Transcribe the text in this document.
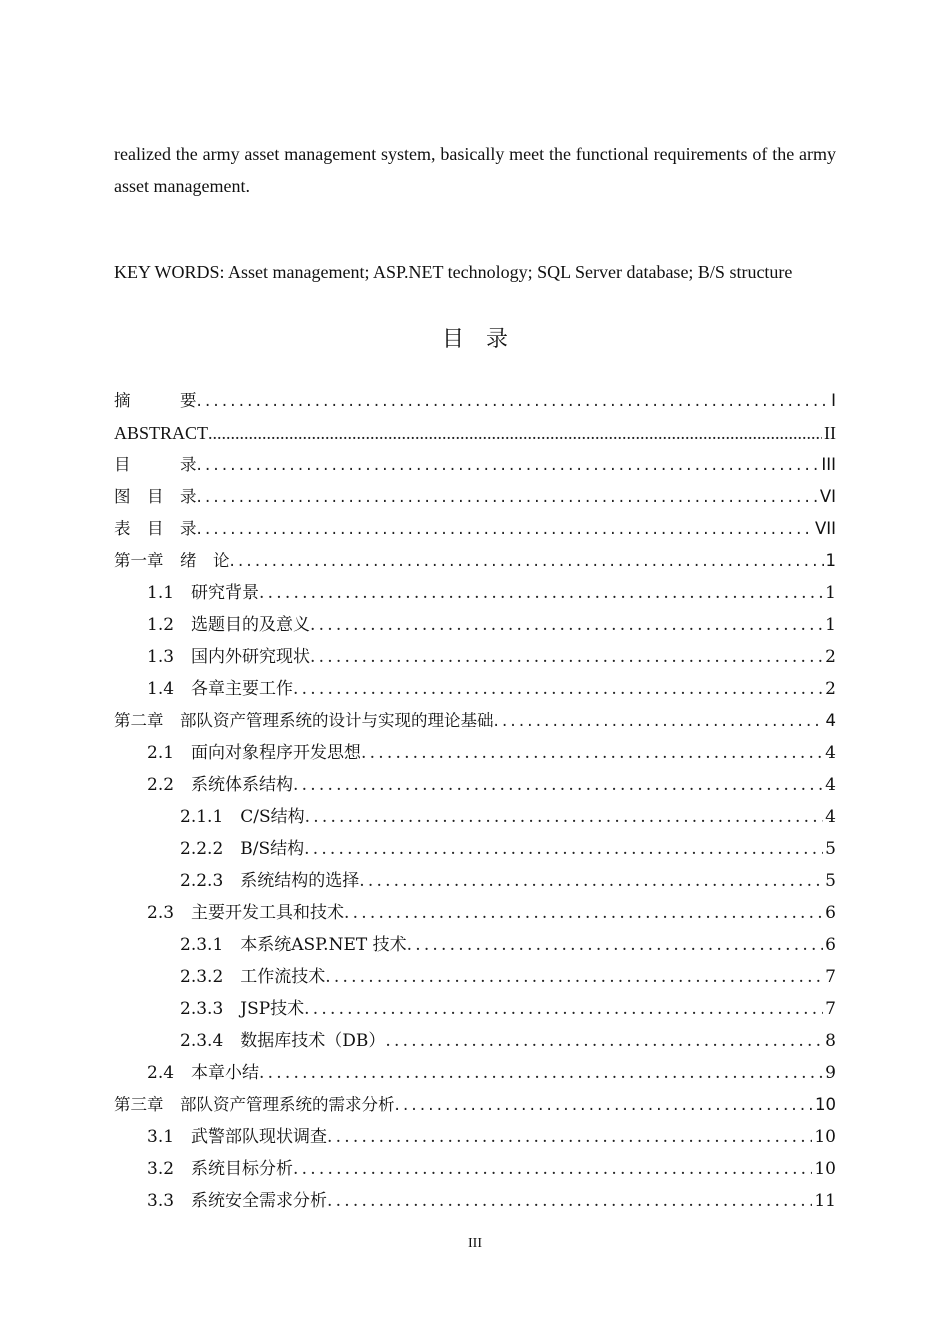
realized the army asset management system, basically meet the functional requirements of the army asset management.
KEY WORDS: Asset management; ASP.NET technology; SQL Server database; B/S structure
目　录
摘　　　要 .....	I
ABSTRACT .....	II
目　　　录 .....	III
图　目　录 .....	VI
表　目　录 .....	VII
第一章　绪　论 .....	1
1.1　研究背景 .....	1
1.2　选题目的及意义 .....	1
1.3　国内外研究现状 .....	2
1.4　各章主要工作 .....	2
第二章　部队资产管理系统的设计与实现的理论基础 .....	4
2.1　面向对象程序开发思想 .....	4
2.2　系统体系结构 .....	4
2.1.1　C/S结构 .....	4
2.2.2　B/S结构 .....	5
2.2.3　系统结构的选择 .....	5
2.3　主要开发工具和技术 .....	6
2.3.1　本系统ASP.NET 技术 .....	6
2.3.2　工作流技术 .....	7
2.3.3　JSP技术 .....	7
2.3.4　数据库技术（DB） .....	8
2.4　本章小结 .....	9
第三章　部队资产管理系统的需求分析 .....	10
3.1　武警部队现状调查 .....	10
3.2　系统目标分析 .....	10
3.3　系统安全需求分析 .....	11
III
